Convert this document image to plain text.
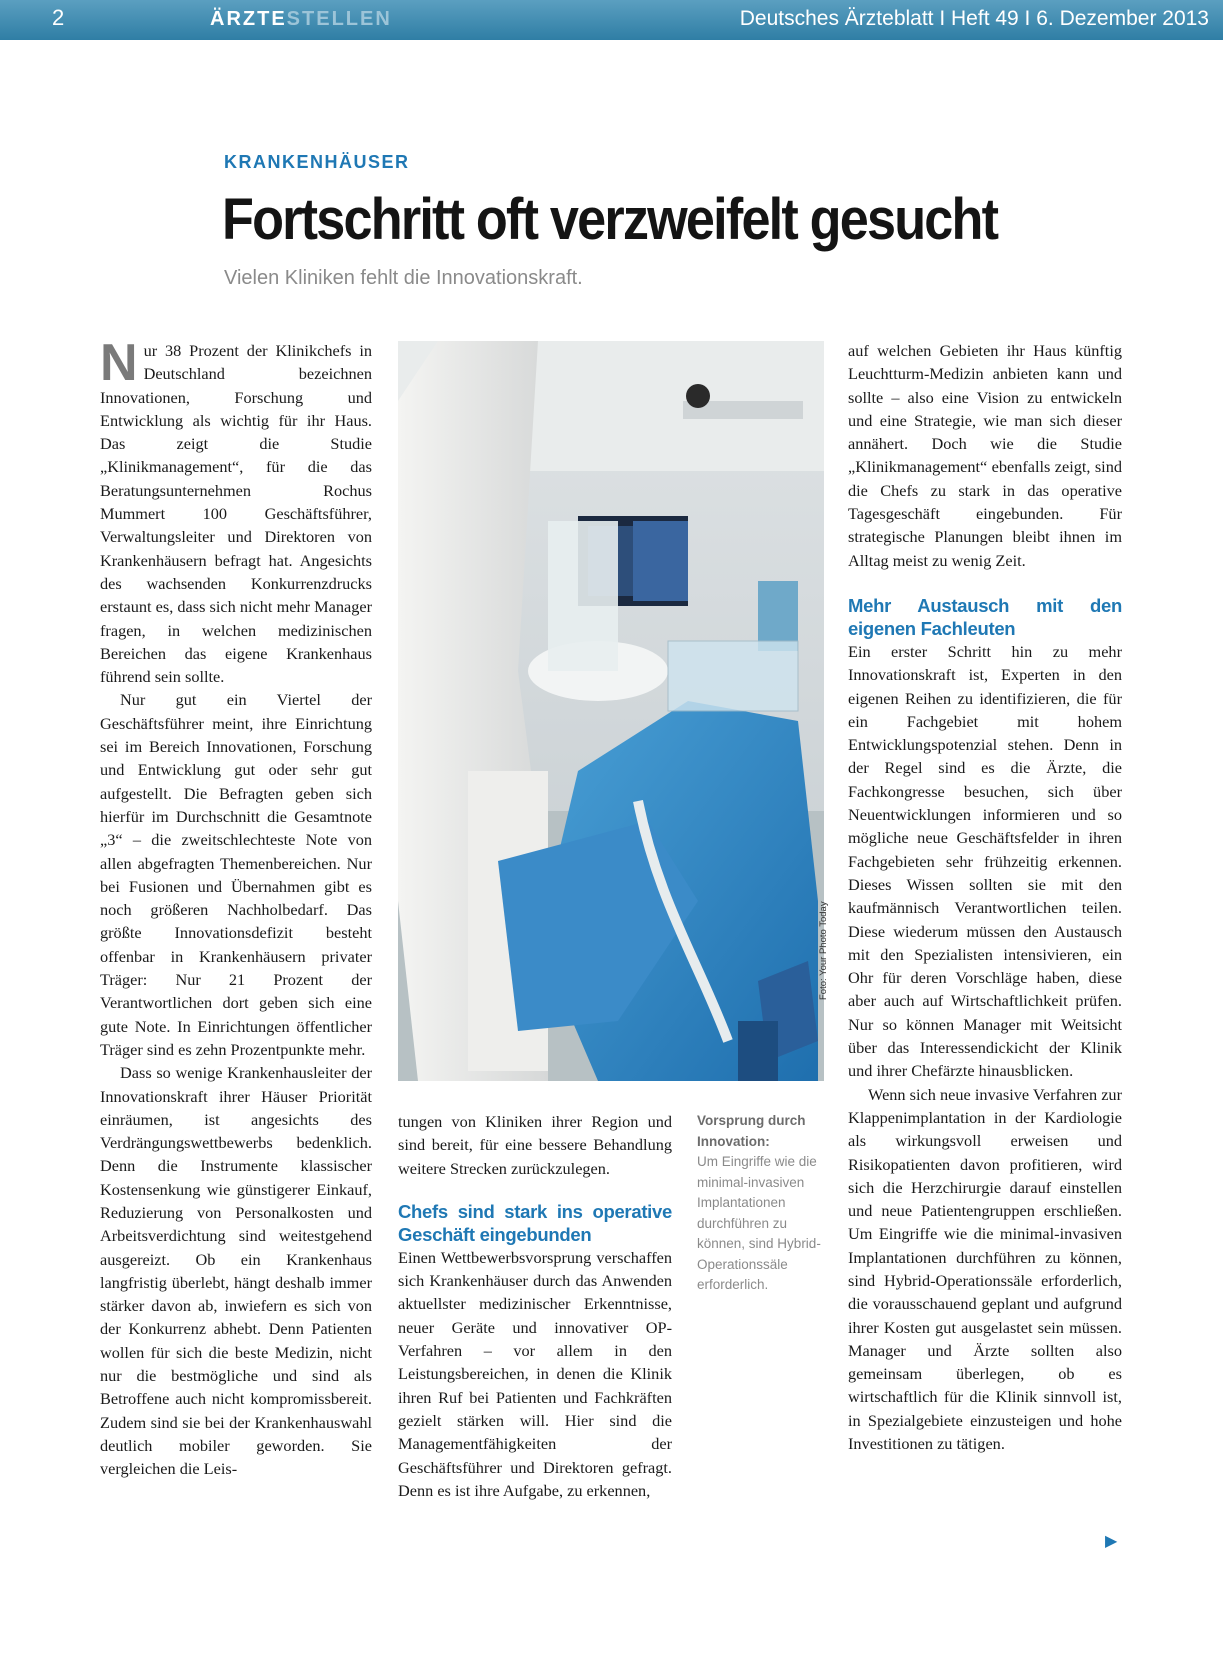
2	ÄRZTESTELLEN	Deutsches Ärzteblatt I Heft 49 I 6. Dezember 2013
KRANKENHÄUSER
Fortschritt oft verzweifelt gesucht
Vielen Kliniken fehlt die Innovationskraft.

Nur 38 Prozent der Klinikchefs in Deutschland bezeichnen Innovationen, Forschung und Entwicklung als wichtig für ihr Haus. Das zeigt die Studie „Klinikmanagement“, für die das Beratungsunternehmen Rochus Mummert 100 Geschäftsführer, Verwaltungsleiter und Direktoren von Krankenhäusern befragt hat. Angesichts des wachsenden Konkurrenzdrucks erstaunt es, dass sich nicht mehr Manager fragen, in welchen medizinischen Bereichen das eigene Krankenhaus führend sein sollte.

Nur gut ein Viertel der Geschäftsführer meint, ihre Einrichtung sei im Bereich Innovationen, Forschung und Entwicklung gut oder sehr gut aufgestellt. Die Befragten geben sich hierfür im Durchschnitt die Gesamtnote „3“ – die zweitschlechteste Note von allen abgefragten Themenbereichen. Nur bei Fusionen und Übernahmen gibt es noch größeren Nachholbedarf. Das größte Innovationsdefizit besteht offenbar in Krankenhäusern privater Träger: Nur 21 Prozent der Verantwortlichen dort geben sich eine gute Note. In Einrichtungen öffentlicher Träger sind es zehn Prozentpunkte mehr.

Dass so wenige Krankenhausleiter der Innovationskraft ihrer Häuser Priorität einräumen, ist angesichts des Verdrängungswettbewerbs bedenklich. Denn die Instrumente klassischer Kostensenkung wie günstigerer Einkauf, Reduzierung von Personalkosten und Arbeitsverdichtung sind weitestgehend ausgereizt. Ob ein Krankenhaus langfristig überlebt, hängt deshalb immer stärker davon ab, inwiefern es sich von der Konkurrenz abhebt. Denn Patienten wollen für sich die beste Medizin, nicht nur die bestmögliche und sind als Betroffene auch nicht kompromissbereit. Zudem sind sie bei der Krankenhauswahl deutlich mobiler geworden. Sie vergleichen die Leis-

Foto: Your Photo Today

tungen von Kliniken ihrer Region und sind bereit, für eine bessere Behandlung weitere Strecken zurückzulegen.

Chefs sind stark ins operative Geschäft eingebunden

Einen Wettbewerbsvorsprung verschaffen sich Krankenhäuser durch das Anwenden aktuellster medizinischer Erkenntnisse, neuer Geräte und innovativer OP-Verfahren – vor allem in den Leistungsbereichen, in denen die Klinik ihren Ruf bei Patienten und Fachkräften gezielt stärken will. Hier sind die Managementfähigkeiten der Geschäftsführer und Direktoren gefragt. Denn es ist ihre Aufgabe, zu erkennen,

Vorsprung durch Innovation:
Um Eingriffe wie die minimal-invasiven Implantationen durchführen zu können, sind Hybrid-Operationssäle erforderlich.

auf welchen Gebieten ihr Haus künftig Leuchtturm-Medizin anbieten kann und sollte – also eine Vision zu entwickeln und eine Strategie, wie man sich dieser annähert. Doch wie die Studie „Klinikmanagement“ ebenfalls zeigt, sind die Chefs zu stark in das operative Tagesgeschäft eingebunden. Für strategische Planungen bleibt ihnen im Alltag meist zu wenig Zeit.

Mehr Austausch mit den eigenen Fachleuten

Ein erster Schritt hin zu mehr Innovationskraft ist, Experten in den eigenen Reihen zu identifizieren, die für ein Fachgebiet mit hohem Entwicklungspotenzial stehen. Denn in der Regel sind es die Ärzte, die Fachkongresse besuchen, sich über Neuentwicklungen informieren und so mögliche neue Geschäftsfelder in ihren Fachgebieten sehr frühzeitig erkennen. Dieses Wissen sollten sie mit den kaufmännisch Verantwortlichen teilen. Diese wiederum müssen den Austausch mit den Spezialisten intensivieren, ein Ohr für deren Vorschläge haben, diese aber auch auf Wirtschaftlichkeit prüfen. Nur so können Manager mit Weitsicht über das Interessendickicht der Klinik und ihrer Chefärzte hinausblicken.

Wenn sich neue invasive Verfahren zur Klappenimplantation in der Kardiologie als wirkungsvoll erweisen und Risikopatienten davon profitieren, wird sich die Herzchirurgie darauf einstellen und neue Patientengruppen erschließen. Um Eingriffe wie die minimal-invasiven Implantationen durchführen zu können, sind Hybrid-Operationssäle erforderlich, die vorausschauend geplant und aufgrund ihrer Kosten gut ausgelastet sein müssen. Manager und Ärzte sollten also gemeinsam überlegen, ob es wirtschaftlich für die Klinik sinnvoll ist, in Spezialgebiete einzusteigen und hohe Investitionen zu tätigen.

▶
